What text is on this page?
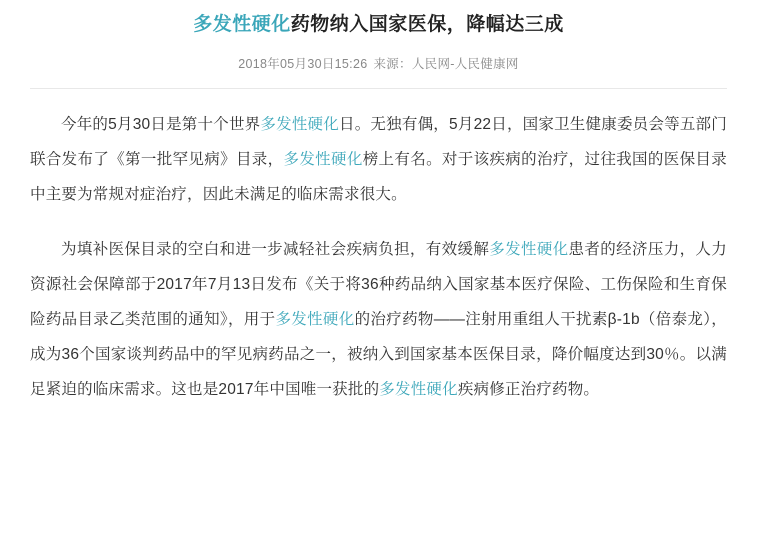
多发性硬化药物纳入国家医保，降幅达三成
2018年05月30日15:26 来源：人民网-人民健康网

今年的5月30日是第十个世界多发性硬化日。无独有偶，5月22日，国家卫生健康委员会等五部门联合发布了《第一批罕见病》目录，多发性硬化榜上有名。对于该疾病的治疗，过往我国的医保目录中主要为常规对症治疗，因此未满足的临床需求很大。

为填补医保目录的空白和进一步减轻社会疾病负担，有效缓解多发性硬化患者的经济压力，人力资源社会保障部于2017年7月13日发布《关于将36种药品纳入国家基本医疗保险、工伤保险和生育保险药品目录乙类范围的通知》，用于多发性硬化的治疗药物——注射用重组人干扰素β-1b（倍泰龙），成为36个国家谈判药品中的罕见病药品之一，被纳入到国家基本医保目录，降价幅度达到30％。以满足紧迫的临床需求。这也是2017年中国唯一获批的多发性硬化疾病修正治疗药物。
